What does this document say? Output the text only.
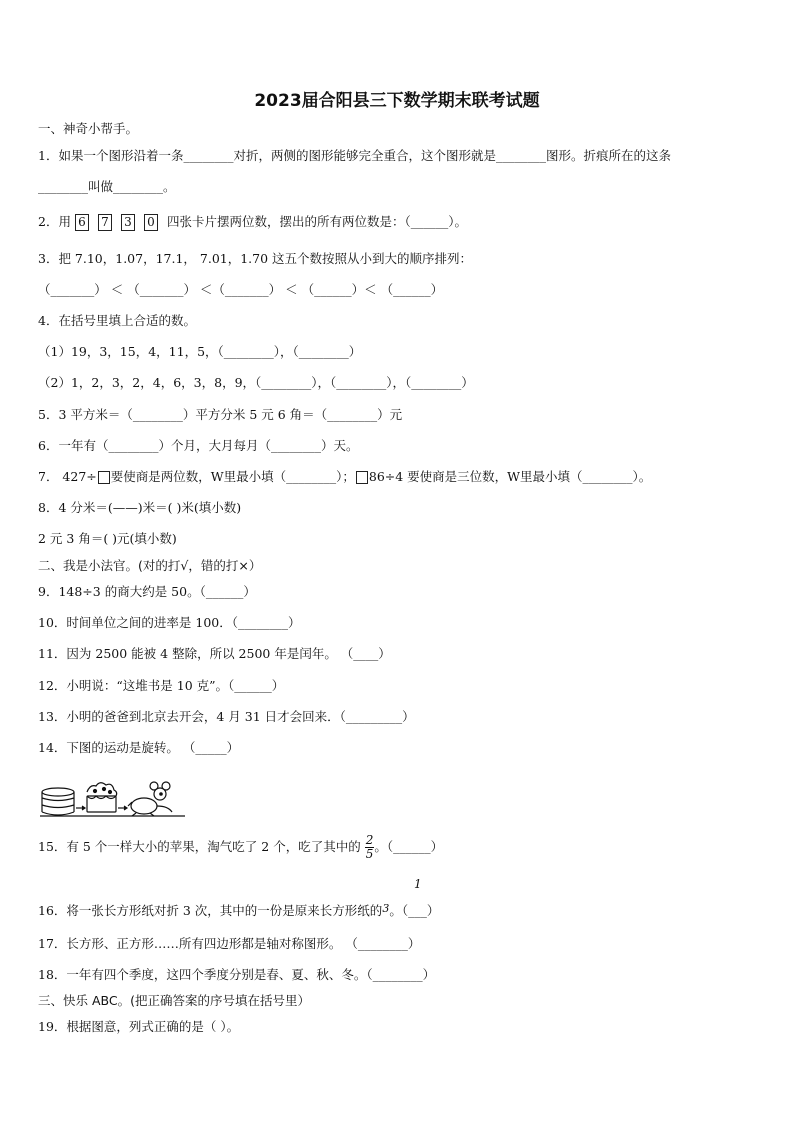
2023届合阳县三下数学期末联考试题
一、神奇小帮手。
1．如果一个图形沿着一条________对折，两侧的图形能够完全重合，这个图形就是________图形。折痕所在的这条
________叫做________。
2．用 6 7 3 0 四张卡片摆两位数，摆出的所有两位数是：（______）。
3．把 7.10，1.07，17.1， 7.01，1.70 这五个数按照从小到大的顺序排列：
（_______） ＜ （_______） ＜（_______） ＜ （______）＜ （______）
4．在括号里填上合适的数。
（1）19，3，15，4，11，5，（________），（________）
（2）1，2，3，2，4，6，3，8，9，（________），（________），（________）
5．3 平方米＝（________）平方分米 5 元 6 角＝（________）元
6．一年有（________）个月，大月每月（________）天。
7． 427÷ 要使商是两位数，W里最小填（________）； 86÷4 要使商是三位数，W里最小填（________）。
8．4 分米＝(——)米＝( )米(填小数)
2 元 3 角＝( )元(填小数)
二、我是小法官。(对的打√，错的打×）
9．148÷3 的商大约是 50。（______）
10．时间单位之间的进率是 100．（________）
11．因为 2500 能被 4 整除，所以 2500 年是闰年。 （____）
12．小明说：“这堆书是 10 克”。（______）
13．小明的爸爸到北京去开会，4 月 31 日才会回来．（_________）
14．下图的运动是旋转。 （_____）
15．有 5 个一样大小的苹果，淘气吃了 2 个，吃了其中的 $\frac{2}{5}$ 。（______）
1
16．将一张长方形纸对折 3 次，其中的一份是原来长方形纸的3。（___）
17．长方形、正方形……所有四边形都是轴对称图形。 （________）
18．一年有四个季度，这四个季度分别是春、夏、秋、冬。（________）
三、快乐 ABC。(把正确答案的序号填在括号里）
19．根据图意，列式正确的是（ ）。
